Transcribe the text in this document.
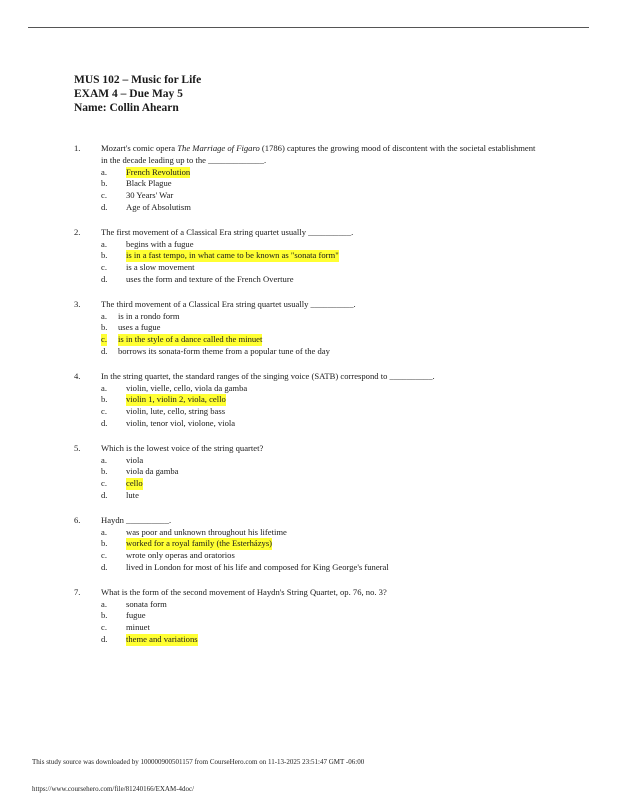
MUS 102 – Music for Life
EXAM 4 – Due May 5
Name: Collin Ahearn
1. Mozart's comic opera The Marriage of Figaro (1786) captures the growing mood of discontent with the societal establishment in the decade leading up to the _____________.
a. French Revolution
b. Black Plague
c. 30 Years' War
d. Age of Absolutism
2. The first movement of a Classical Era string quartet usually __________.
a. begins with a fugue
b. is in a fast tempo, in what came to be known as "sonata form"
c. is a slow movement
d. uses the form and texture of the French Overture
3. The third movement of a Classical Era string quartet usually __________.
a. is in a rondo form
b. uses a fugue
c. is in the style of a dance called the minuet
d. borrows its sonata-form theme from a popular tune of the day
4. In the string quartet, the standard ranges of the singing voice (SATB) correspond to __________.
a. violin, vielle, cello, viola da gamba
b. violin 1, violin 2, viola, cello
c. violin, lute, cello, string bass
d. violin, tenor viol, violone, viola
5. Which is the lowest voice of the string quartet?
a. viola
b. viola da gamba
c. cello
d. lute
6. Haydn __________.
a. was poor and unknown throughout his lifetime
b. worked for a royal family (the Esterházys)
c. wrote only operas and oratorios
d. lived in London for most of his life and composed for King George's funeral
7. What is the form of the second movement of Haydn's String Quartet, op. 76, no. 3?
a. sonata form
b. fugue
c. minuet
d. theme and variations
This study source was downloaded by 100000900501157 from CourseHero.com on 11-13-2025 23:51:47 GMT -06:00
https://www.coursehero.com/file/81240166/EXAM-4doc/
